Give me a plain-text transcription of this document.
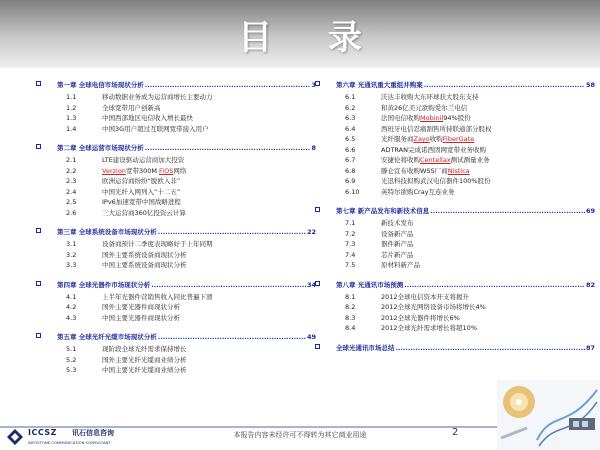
目 录
第一章 全球电信市场现状分析 .....	3
1.1	移动数据业务成为运营商增长主要动力
1.2	全球宽带用户创新高
1.3	中国西部地区电信收入增长最快
1.4	中国3G用户超过互联网宽带接入用户
第二章 全球运营市场现状分析 .....	8
2.1	LTE建设驱动运营商加大投资
2.2	Verzion宽带300M FiOS网络
2.3	欧洲运营商纷纷“脱欧入非”
2.4	中国光纤入网列入“十二五”
2.5	IPv6加速宽带中国战略进程
2.6	三大运营商360亿投资云计算
第三章 全球系统设备市场现状分析 .....	22
3.1	设备商预计二季度表现略好于上年同期
3.2	国外主要系统设备商现状分析
3.3	中国主要系统设备商现状分析
第四章 全球光器件市场现状分析 .....	34
4.1	上半年光器件营销售收入同比普遍下滑
4.2	国外主要光器件商现状分析
4.3	中国主要光器件商现状分析
第五章 全球光纤光缆市场现状分析 .....	49
5.1	现阶段全球光纤需求保持增长
5.2	国外主要光纤光缆商业绩分析
5.3	中国主要光纤光缆商业绩分析
第六章 光通讯重大重组并购案 .....	58
6.1	沃达丰收购大东环球获大股东支持
6.2	和黄26亿美元欲购爱尔兰电信
6.3	法国电信收购Mobinil94%股份
6.4	西班牙电信忍痛割售所持联通部分股权
6.5	光纤服务商Zayo收购FiberGate
6.6	ADTRAN完成诺西固网宽带业务收购
6.7	安捷伦将收购Centellax测试测量业务
6.8	滕仑宣布收购WSS厂商Nistica
6.9	光迅科技拟购武汉电信器件100%股份
6.10	英特尔欲购Cray互连业务
第七章 新产品发布和新技术信息 .....	69
7.1	新技术发布
7.2	设备新产品
7.3	器件新产品
7.4	芯片新产品
7.5	原材料新产品
第八章 光通讯市场预测 .....	82
8.1	2012全球电信资本开支将揭升
8.2	2012全球光网络设备市场将增长4%
8.3	2012全球光器件将增长6%
8.4	2012全球光纤需求增长将超10%
全球光通讯市场总结 .....	87
ICCSZ 讯石信息咨询
INFOSTONE COMMUNICATION CONSULTANT
本报告内容未经许可不得转为其它商业用途	2
